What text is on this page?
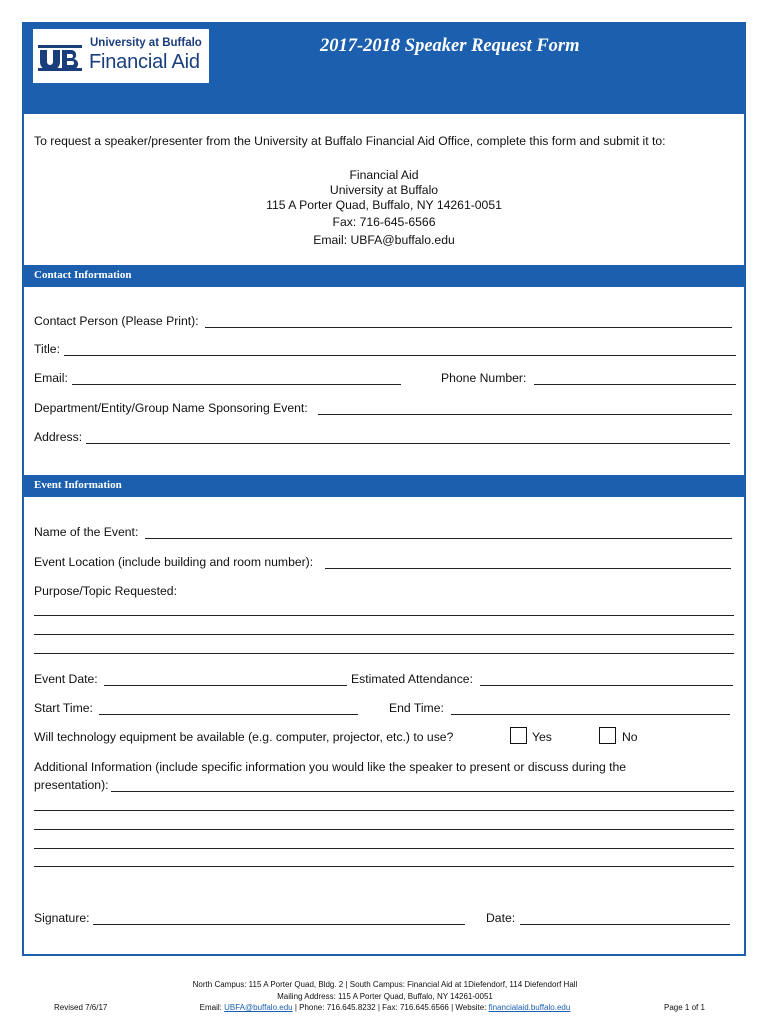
University at Buffalo
Financial Aid
2017-2018 Speaker Request Form
To request a speaker/presenter from the University at Buffalo Financial Aid Office, complete this form and submit it to:
Financial Aid
University at Buffalo
115 A Porter Quad, Buffalo, NY 14261-0051
Fax: 716-645-6566
Email: UBFA@buffalo.edu
Contact Information
Contact Person (Please Print):
Title:
Email:	Phone Number:
Department/Entity/Group Name Sponsoring Event:
Address:
Event Information
Name of the Event:
Event Location (include building and room number):
Purpose/Topic Requested:
Event Date:	Estimated Attendance:
Start Time:	End Time:
Will technology equipment be available (e.g. computer, projector, etc.) to use?	Yes	No
Additional Information (include specific information you would like the speaker to present or discuss during the
presentation):
Signature:	Date:
North Campus: 115 A Porter Quad, Bldg. 2 | South Campus: Financial Aid at 1Diefendorf, 114 Diefendorf Hall
Mailing Address: 115 A Porter Quad, Buffalo, NY 14261-0051
Revised 7/6/17	Email: UBFA@buffalo.edu | Phone: 716.645.8232 | Fax: 716.645.6566 | Website: financialaid.buffalo.edu	Page 1 of 1
